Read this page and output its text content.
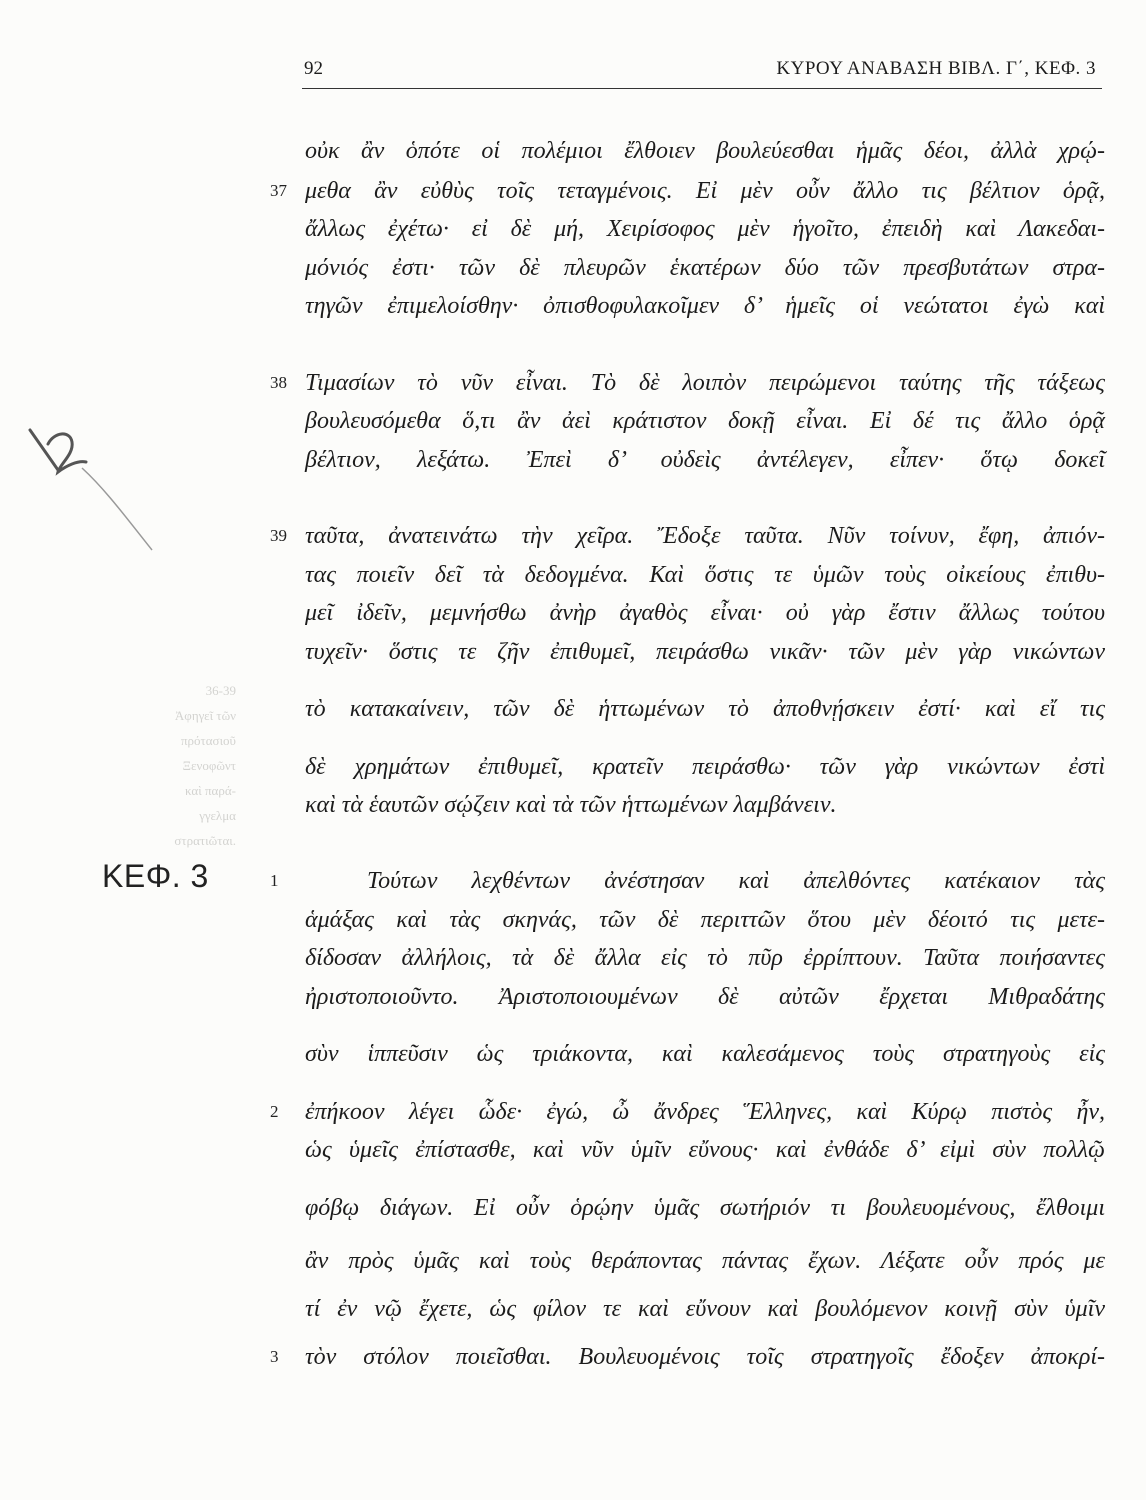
92	ΚΥΡΟΥ ΑΝΑΒΑΣΗ ΒΙΒΛ. Γ΄, ΚΕΦ. 3
36-39
Ἀφηγεῖ τῶν
πρότασιοῦ
Ξενοφῶντ
καὶ παρά-
γγελμα
στρατιῶται.
ΚΕΦ. 3
37
38
39
1
2
3
οὐκ ἂν ὁπότε οἱ πολέμιοι ἔλθοιεν βουλεύεσθαι ἡμᾶς δέοι, ἀλλὰ χρῴ-
μεθα ἂν εὐθὺς τοῖς τεταγμένοις. Εἰ μὲν οὖν ἄλλο τις βέλτιον ὁρᾷ,
ἄλλως ἐχέτω· εἰ δὲ μή, Χειρίσοφος μὲν ἡγοῖτο, ἐπειδὴ καὶ Λακεδαι-
μόνιός ἐστι· τῶν δὲ πλευρῶν ἑκατέρων δύο τῶν πρεσβυτάτων στρα-
τηγῶν ἐπιμελοίσθην· ὀπισθοφυλακοῖμεν δ’ ἡμεῖς οἱ νεώτατοι ἐγὼ καὶ
Τιμασίων τὸ νῦν εἶναι. Τὸ δὲ λοιπὸν πειρώμενοι ταύτης τῆς τάξεως
βουλευσόμεθα ὅ,τι ἂν ἀεὶ κράτιστον δοκῇ εἶναι. Εἰ δέ τις ἄλλο ὁρᾷ
βέλτιον, λεξάτω. Ἐπεὶ δ’ οὐδεὶς ἀντέλεγεν, εἶπεν· ὅτῳ δοκεῖ
ταῦτα, ἀνατεινάτω τὴν χεῖρα. Ἔδοξε ταῦτα. Νῦν τοίνυν, ἔφη, ἀπιόν-
τας ποιεῖν δεῖ τὰ δεδογμένα. Καὶ ὅστις τε ὑμῶν τοὺς οἰκείους ἐπιθυ-
μεῖ ἰδεῖν, μεμνήσθω ἀνὴρ ἀγαθὸς εἶναι· οὐ γὰρ ἔστιν ἄλλως τούτου
τυχεῖν· ὅστις τε ζῆν ἐπιθυμεῖ, πειράσθω νικᾶν· τῶν μὲν γὰρ νικώντων
τὸ κατακαίνειν, τῶν δὲ ἡττωμένων τὸ ἀποθνῄσκειν ἐστί· καὶ εἴ τις
δὲ χρημάτων ἐπιθυμεῖ, κρατεῖν πειράσθω· τῶν γὰρ νικώντων ἐστὶ
καὶ τὰ ἑαυτῶν σῴζειν καὶ τὰ τῶν ἡττωμένων λαμβάνειν.
Τούτων λεχθέντων ἀνέστησαν καὶ ἀπελθόντες κατέκαιον τὰς
ἁμάξας καὶ τὰς σκηνάς, τῶν δὲ περιττῶν ὅτου μὲν δέοιτό τις μετε-
δίδοσαν ἀλλήλοις, τὰ δὲ ἄλλα εἰς τὸ πῦρ ἐρρίπτουν. Ταῦτα ποιήσαντες
ἠριστοποιοῦντο. Ἀριστοποιουμένων δὲ αὐτῶν ἔρχεται Μιθραδάτης
σὺν ἱππεῦσιν ὡς τριάκοντα, καὶ καλεσάμενος τοὺς στρατηγοὺς εἰς
ἐπήκοον λέγει ὧδε· ἐγώ, ὦ ἄνδρες Ἕλληνες, καὶ Κύρῳ πιστὸς ἦν,
ὡς ὑμεῖς ἐπίστασθε, καὶ νῦν ὑμῖν εὔνους· καὶ ἐνθάδε δ’ εἰμὶ σὺν πολλῷ
φόβῳ διάγων. Εἰ οὖν ὁρῴην ὑμᾶς σωτήριόν τι βουλευομένους, ἔλθοιμι
ἂν πρὸς ὑμᾶς καὶ τοὺς θεράποντας πάντας ἔχων. Λέξατε οὖν πρός με
τί ἐν νῷ ἔχετε, ὡς φίλον τε καὶ εὔνουν καὶ βουλόμενον κοινῇ σὺν ὑμῖν
τὸν στόλον ποιεῖσθαι. Βουλευομένοις τοῖς στρατηγοῖς ἔδοξεν ἀποκρί-
